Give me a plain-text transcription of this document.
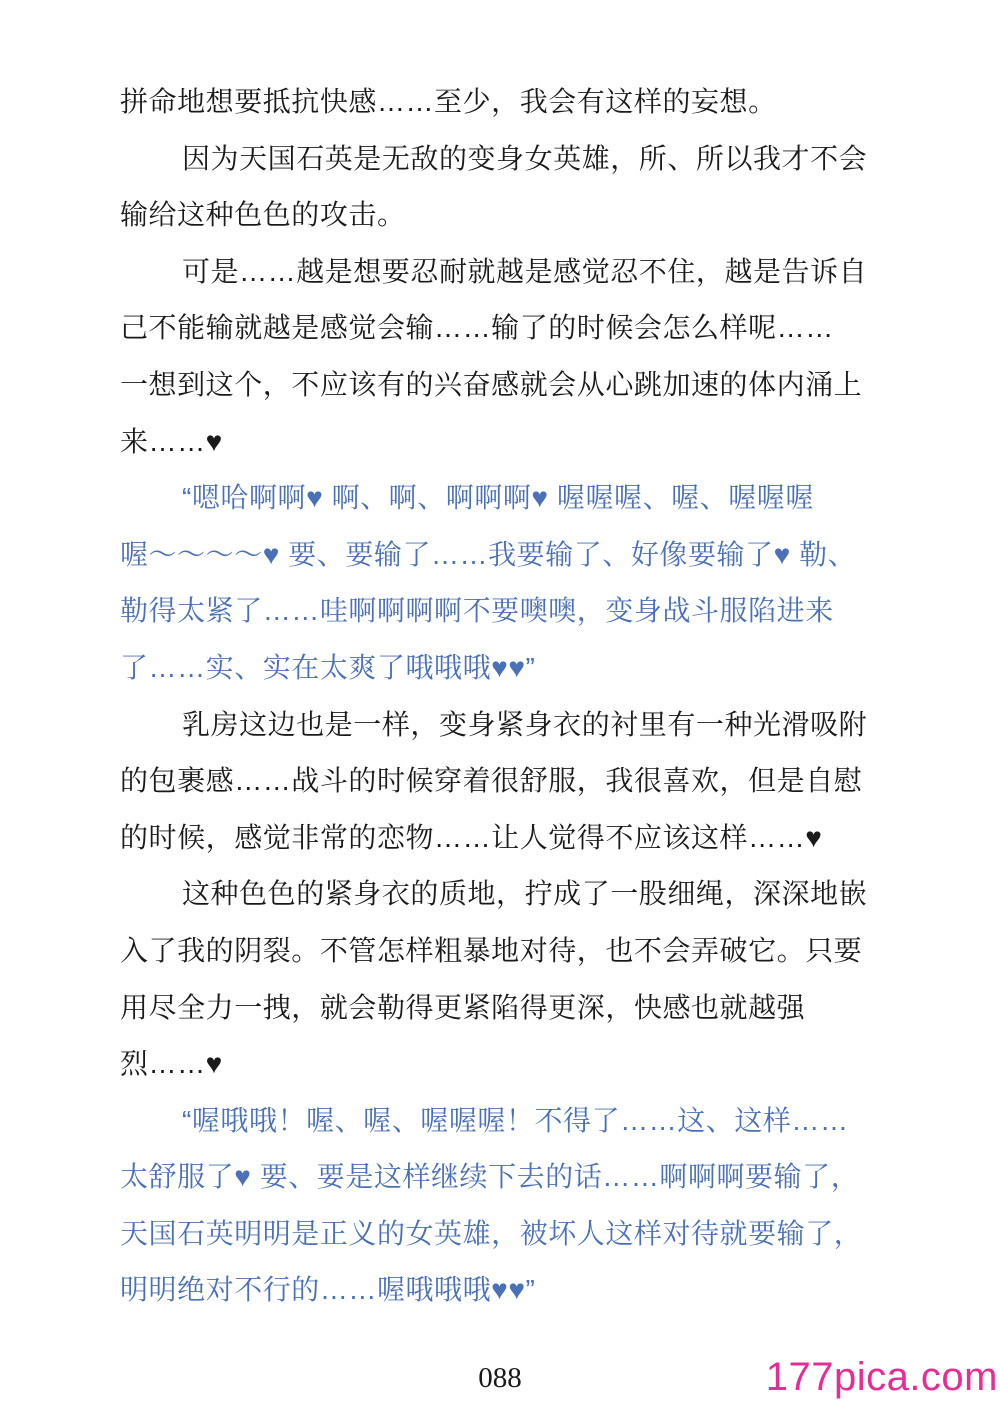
拼命地想要抵抗快感……至少，我会有这样的妄想。

因为天国石英是无敌的变身女英雄，所、所以我才不会
输给这种色色的攻击。

可是……越是想要忍耐就越是感觉忍不住，越是告诉自
己不能输就越是感觉会输……输了的时候会怎么样呢……
一想到这个，不应该有的兴奋感就会从心跳加速的体内涌上
来……♥

“嗯哈啊啊♥ 啊、啊、啊啊啊♥ 喔喔喔、喔、喔喔喔
喔～～～～♥ 要、要输了……我要输了、好像要输了♥ 勒、
勒得太紧了……哇啊啊啊啊不要噢噢，变身战斗服陷进来
了……实、实在太爽了哦哦哦♥♥”

乳房这边也是一样，变身紧身衣的衬里有一种光滑吸附
的包裹感……战斗的时候穿着很舒服，我很喜欢，但是自慰
的时候，感觉非常的恋物……让人觉得不应该这样……♥

这种色色的紧身衣的质地，拧成了一股细绳，深深地嵌
入了我的阴裂。不管怎样粗暴地对待，也不会弄破它。只要
用尽全力一拽，就会勒得更紧陷得更深，快感也就越强
烈……♥

“喔哦哦！喔、喔、喔喔喔！不得了……这、这样……
太舒服了♥ 要、要是这样继续下去的话……啊啊啊要输了，
天国石英明明是正义的女英雄，被坏人这样对待就要输了，
明明绝对不行的……喔哦哦哦♥♥”

088	177pica.com
